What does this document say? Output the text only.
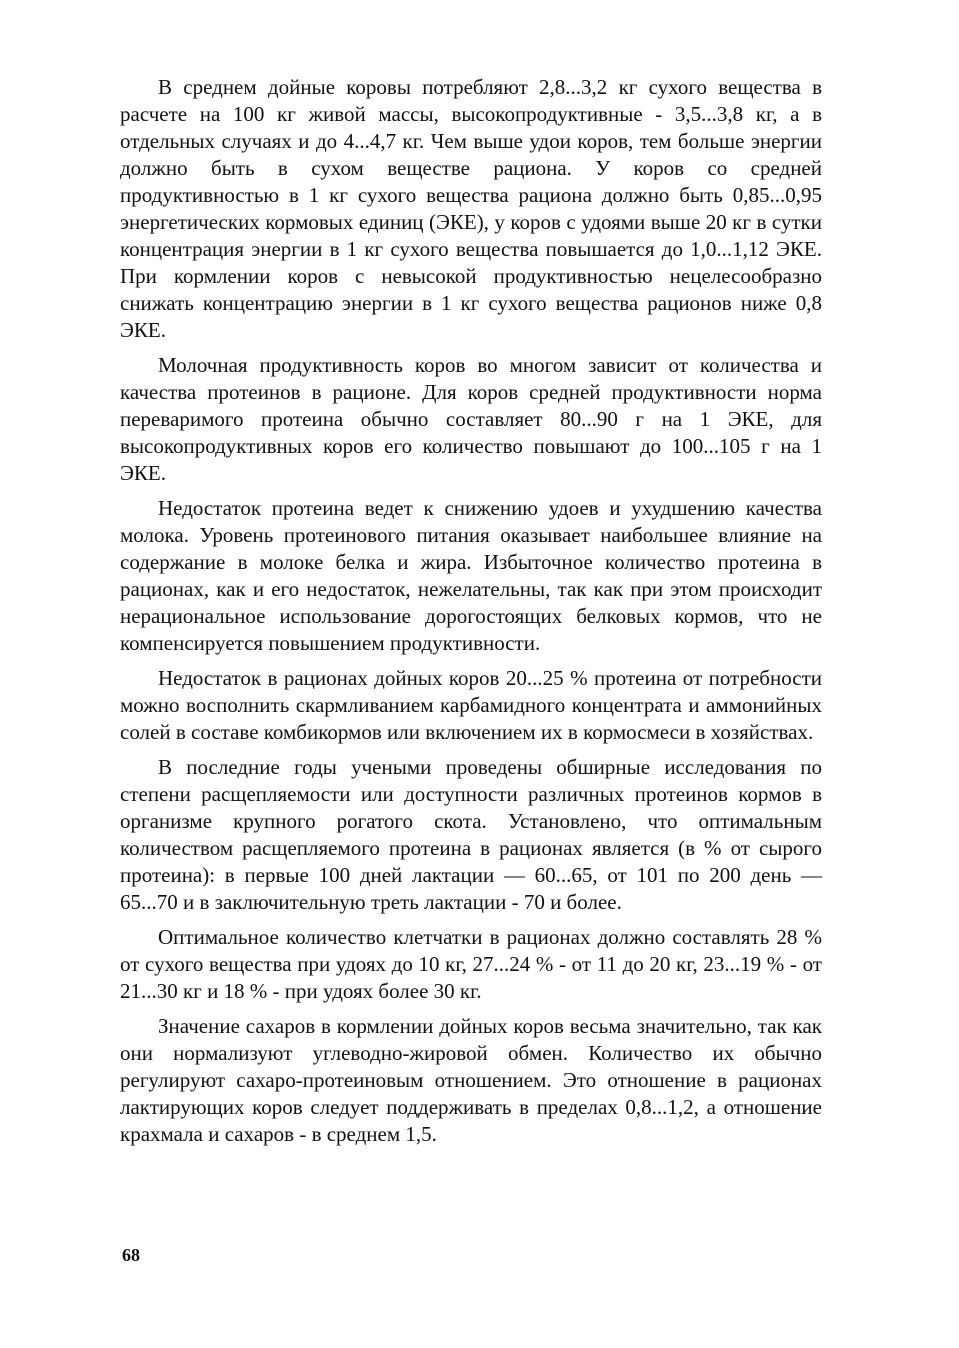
В среднем дойные коровы потребляют 2,8...3,2 кг сухого вещества в расчете на 100 кг живой массы, высокопродуктивные - 3,5...3,8 кг, а в отдельных случаях и до 4...4,7 кг. Чем выше удои коров, тем больше энергии должно быть в сухом веществе рациона. У коров со средней продуктивностью в 1 кг сухого вещества рациона должно быть 0,85...0,95 энергетических кормовых единиц (ЭКЕ), у коров с удоями выше 20 кг в сутки концентрация энергии в 1 кг сухого вещества повышается до 1,0...1,12 ЭКЕ. При кормлении коров с невысокой продуктивностью нецелесообразно снижать концентрацию энергии в 1 кг сухого вещества рационов ниже 0,8 ЭКЕ.

Молочная продуктивность коров во многом зависит от количества и качества протеинов в рационе. Для коров средней продуктивности норма переваримого протеина обычно составляет 80...90 г на 1 ЭКЕ, для высокопродуктивных коров его количество повышают до 100...105 г на 1 ЭКЕ.

Недостаток протеина ведет к снижению удоев и ухудшению качества молока. Уровень протеинового питания оказывает наибольшее влияние на содержание в молоке белка и жира. Избыточное количество протеина в рационах, как и его недостаток, нежелательны, так как при этом происходит нерациональное использование дорогостоящих белковых кормов, что не компенсируется повышением продуктивности.

Недостаток в рационах дойных коров 20...25 % протеина от потребности можно восполнить скармливанием карбамидного концентрата и аммонийных солей в составе комбикормов или включением их в кормосмеси в хозяйствах.

В последние годы учеными проведены обширные исследования по степени расщепляемости или доступности различных протеинов кормов в организме крупного рогатого скота. Установлено, что оптимальным количеством расщепляемого протеина в рационах является (в % от сырого протеина): в первые 100 дней лактации — 60...65, от 101 по 200 день — 65...70 и в заключительную треть лактации - 70 и более.

Оптимальное количество клетчатки в рационах должно составлять 28 % от сухого вещества при удоях до 10 кг, 27...24 % - от 11 до 20 кг, 23...19 % - от 21...30 кг и 18 % - при удоях более 30 кг.

Значение сахаров в кормлении дойных коров весьма значительно, так как они нормализуют углеводно-жировой обмен. Количество их обычно регулируют сахаро-протеиновым отношением. Это отношение в рационах лактирующих коров следует поддерживать в пределах 0,8...1,2, а отношение крахмала и сахаров - в среднем 1,5.

68
